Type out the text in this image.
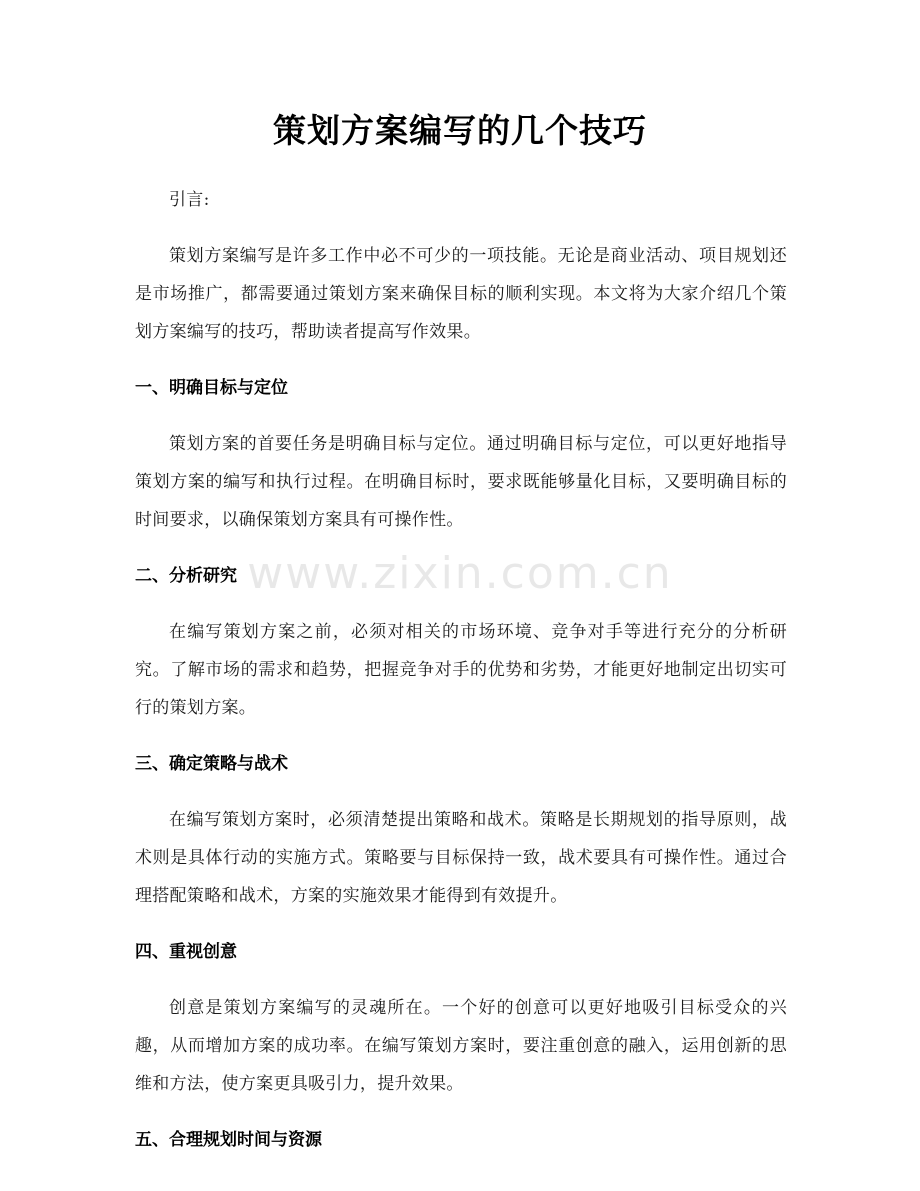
策划方案编写的几个技巧
www.zixin.com.cn

引言:

策划方案编写是许多工作中必不可少的一项技能。无论是商业活动、项目规划还是市场推广，都需要通过策划方案来确保目标的顺利实现。本文将为大家介绍几个策划方案编写的技巧，帮助读者提高写作效果。

一、明确目标与定位

策划方案的首要任务是明确目标与定位。通过明确目标与定位，可以更好地指导策划方案的编写和执行过程。在明确目标时，要求既能够量化目标，又要明确目标的时间要求，以确保策划方案具有可操作性。

二、分析研究

在编写策划方案之前，必须对相关的市场环境、竞争对手等进行充分的分析研究。了解市场的需求和趋势，把握竞争对手的优势和劣势，才能更好地制定出切实可行的策划方案。

三、确定策略与战术

在编写策划方案时，必须清楚提出策略和战术。策略是长期规划的指导原则，战术则是具体行动的实施方式。策略要与目标保持一致，战术要具有可操作性。通过合理搭配策略和战术，方案的实施效果才能得到有效提升。

四、重视创意

创意是策划方案编写的灵魂所在。一个好的创意可以更好地吸引目标受众的兴趣，从而增加方案的成功率。在编写策划方案时，要注重创意的融入，运用创新的思维和方法，使方案更具吸引力，提升效果。

五、合理规划时间与资源
